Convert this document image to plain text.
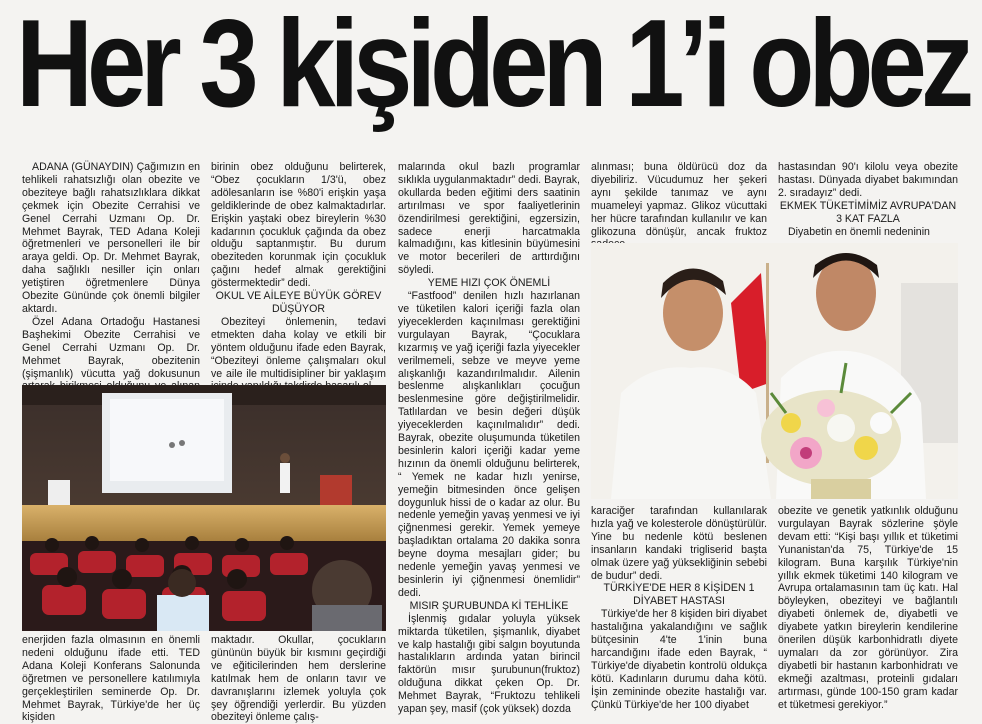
Her 3 kişiden 1’i obez

ADANA (GÜNAYDIN) Çağımızın en tehlikeli rahatsızlığı olan obezite ve obeziteye bağlı rahatsızlıklara dikkat çekmek için Obezite Cerrahisi ve Genel Cerrahi Uzmanı Op. Dr. Mehmet Bayrak, TED Adana Koleji öğretmenleri ve personelleri ile bir araya geldi. Op. Dr. Mehmet Bayrak, daha sağlıklı nesiller için onları yetiştiren öğretmenlere Dünya Obezite Gününde çok önemli bilgiler aktardı.

Özel Adana Ortadoğu Hastanesi Başhekimi Obezite Cerrahisi ve Genel Cerrahi Uzmanı Op. Dr. Mehmet Bayrak, obezitenin (şişmanlık) vücutta yağ dokusunun

birinin obez olduğunu belirterek, “Obez çocukların 1/3'ü, obez adölesanların ise %80'i erişkin yaşa geldiklerinde de obez kalmaktadırlar. Erişkin yaştaki obez bireylerin %30 kadarının çocukluk çağında da obez olduğu saptanmıştır. Bu durum obeziteden korunmak için çocukluk çağını hedef almak gerektiğini göstermektedir” dedi.

OKUL VE AİLEYE BÜYÜK GÖREV DÜŞÜYOR

Obeziteyi önlemenin, tedavi etmekten daha kolay ve etkili bir yöntem olduğunu ifade eden Bayrak, “Obeziteyi önleme çalışmaları okul ve aile ile multidisipliner bir yaklaşım

enerjiden fazla olmasının en önemli nedeni olduğunu ifade etti. TED Adana Koleji Konferans Salonunda öğretmen ve personellere katılımıyla gerçekleştirilen seminerde Op. Dr. Mehmet Bayrak, Türkiye'de her üç kişiden

maktadır. Okullar, çocukların gününün büyük bir kısmını geçirdiği ve eğiticilerinden hem derslerine katılmak hem de onların tavır ve davranışlarını izlemek yoluyla çok şey öğrendiği yerlerdir. Bu yüzden obeziteyi önleme çalış-

malarında okul bazlı programlar sıklıkla uygulanmaktadır” dedi. Bayrak, okullarda beden eğitimi ders saatinin artırılması ve spor faaliyetlerinin özendirilmesi gerektiğini, egzersizin, sadece enerji harcatmakla kalmadığını, kas kitlesinin büyümesini ve motor becerileri de arttırdığını söyledi.

YEME HIZI ÇOK ÖNEMLİ

“Fastfood” denilen hızlı hazırlanan ve tüketilen kalori içeriği fazla olan yiyeceklerden kaçınılması gerektiğini vurgulayan Bayrak, “Çocuklara kızarmış ve yağ içeriği fazla yiyecekler verilmemeli, sebze ve meyve yeme alışkanlığı kazandırılmalıdır. Ailenin beslenme alışkanlıkları çocuğun beslenmesine göre değiştirilmelidir. Tatlılardan ve besin değeri düşük yiyeceklerden kaçınılmalıdır” dedi. Bayrak, obezite oluşumunda tüketilen besinlerin kalori içeriği kadar yeme hızının da önemli olduğunu belirterek, “ Yemek ne kadar hızlı yenirse, yemeğin bitmesinden önce gelişen doygunluk hissi de o kadar az olur. Bu nedenle yemeğin yavaş yenmesi ve iyi çiğnenmesi gerekir. Yemek yemeye başladıktan ortalama 20 dakika sonra beyne doyma mesajları gider; bu nedenle yemeğin yavaş yenmesi ve besinlerin iyi çiğnenmesi önemlidir” dedi.

MISIR ŞURUBUNDA Kİ TEHLİKE

İşlenmiş gıdalar yoluyla yüksek miktarda tüketilen, şişmanlık, diyabet ve kalp hastalığı gibi salgın boyutunda hastalıkların ardında yatan birincil faktörün mısır şurubunun(fruktoz) olduğuna dikkat çeken Op. Dr. Mehmet Bayrak, “Fruktozu tehlikeli yapan şey, masif (çok yüksek) dozda

alınması; buna öldürücü doz da diyebiliriz. Vücudumuz her şekeri aynı şekilde tanımaz ve aynı muameleyi yapmaz. Glikoz vücuttaki her hücre tarafından kullanılır ve kan glikozuna dönüşür, ancak fruktoz

hastasından 90'ı kilolu veya obezite hastası. Dünyada diyabet bakımından 2. sıradayız” dedi.

EKMEK TÜKETİMİMİZ AVRUPA'DAN 3 KAT FAZLA

Diyabetin en önemli nedeninin

karaciğer tarafından kullanılarak hızla yağ ve kolesterole dönüştürülür. Yine bu nedenle kötü beslenen insanların kandaki trigliserid başta olmak üzere yağ yüksekliğinin sebebi de budur” dedi.

TÜRKİYE'DE HER 8 KİŞİDEN 1 DİYABET HASTASI

Türkiye'de her 8 kişiden biri diyabet hastalığına yakalandığını ve sağlık bütçesinin 4'te 1'inin buna harcandığını ifade eden Bayrak, “ Türkiye'de diyabetin kontrolü oldukça kötü. Kadınların durumu daha kötü. İşin zemininde obezite hastalığı var. Çünkü Türkiye'de her 100 diyabet

obezite ve genetik yatkınlık olduğunu vurgulayan Bayrak sözlerine şöyle devam etti: “Kişi başı yıllık et tüketimi Yunanistan'da 75, Türkiye'de 15 kilogram. Buna karşılık Türkiye'nin yıllık ekmek tüketimi 140 kilogram ve Avrupa ortalamasının tam üç katı. Hal böyleyken, obeziteyi ve bağlantılı diyabeti önlemek de, diyabetli ve diyabete yatkın bireylerin kendilerine önerilen düşük karbonhidratlı diyete uymaları da zor görünüyor. Zira diyabetli bir hastanın karbonhidratı ve ekmeği azaltması, proteinli gıdaları artırması, günde 100-150 gram kadar et tüketmesi gerekiyor.”
